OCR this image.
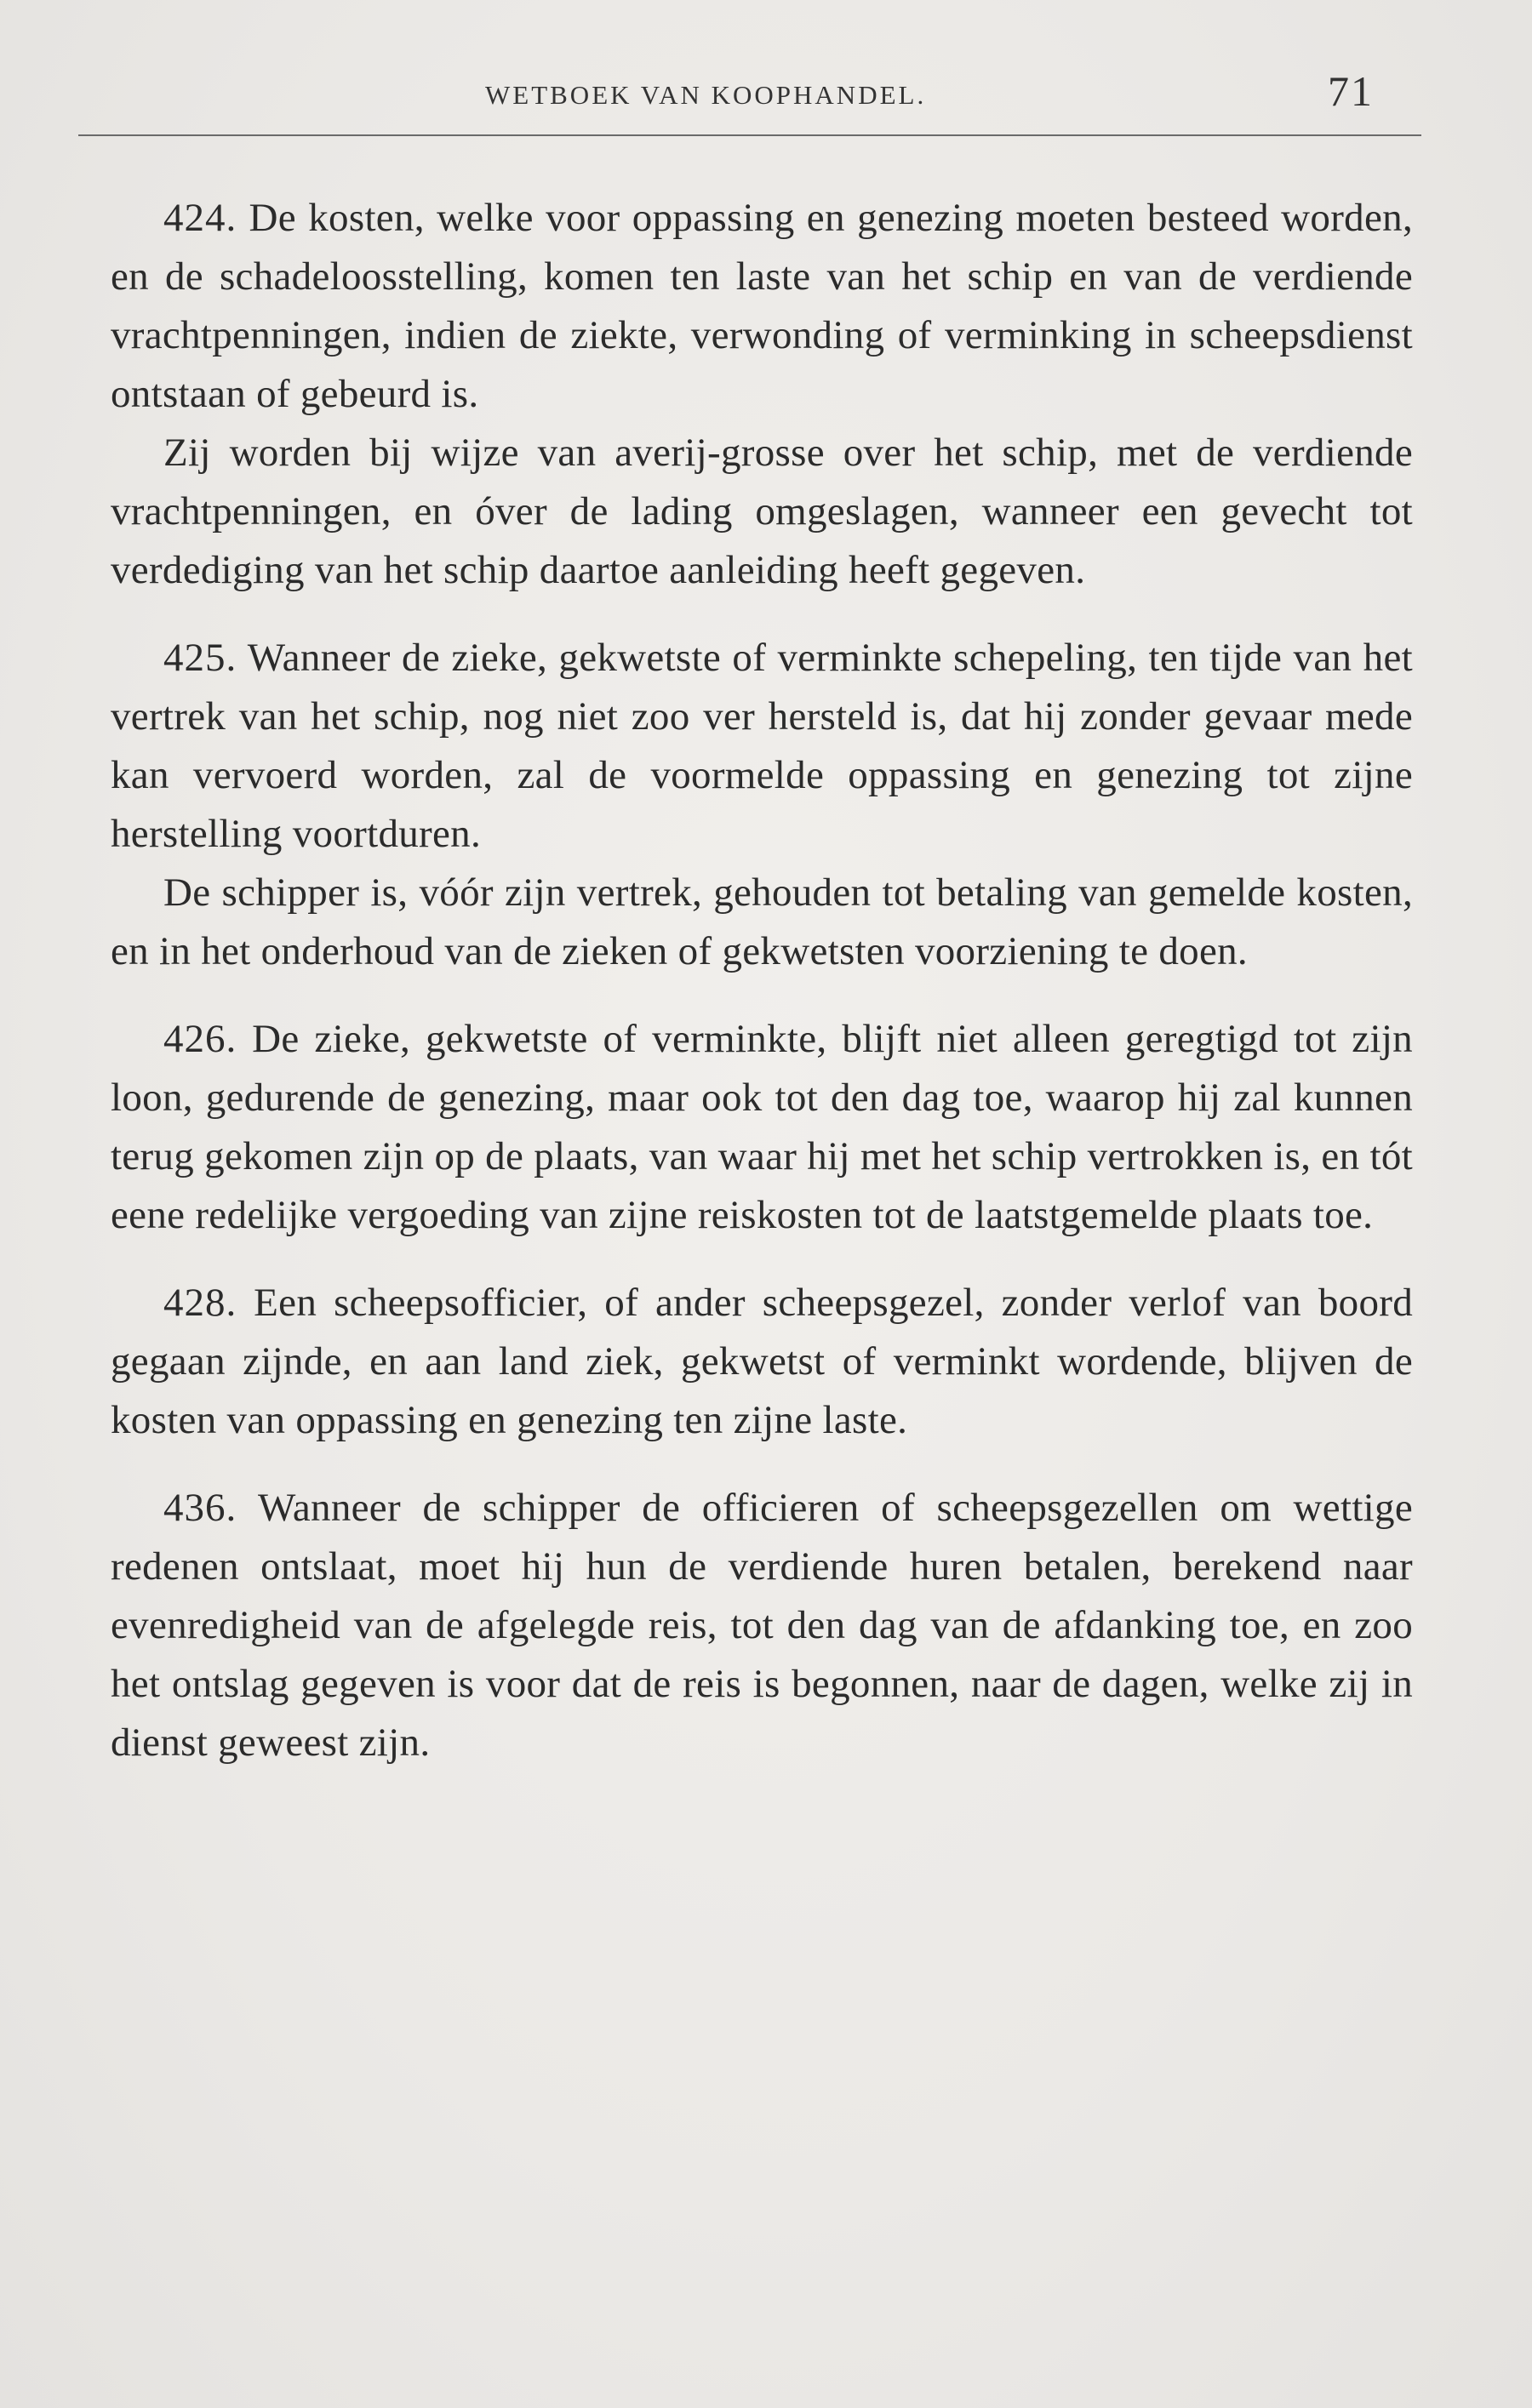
WETBOEK VAN KOOPHANDEL.	71

424. De kosten, welke voor oppassing en genezing moeten besteed worden, en de schadeloosstelling, komen ten laste van het schip en van de verdiende vrachtpenningen, indien de ziekte, verwonding of verminking in scheepsdienst ontstaan of gebeurd is.

Zij worden bij wijze van averij-grosse over het schip, met de verdiende vrachtpenningen, en óver de lading omgeslagen, wanneer een gevecht tot verdediging van het schip daartoe aanleiding heeft gegeven.

425. Wanneer de zieke, gekwetste of verminkte schepeling, ten tijde van het vertrek van het schip, nog niet zoo ver hersteld is, dat hij zonder gevaar mede kan vervoerd worden, zal de voormelde oppassing en genezing tot zijne herstelling voortduren.

De schipper is, vóór zijn vertrek, gehouden tot betaling van gemelde kosten, en in het onderhoud van de zieken of gekwetsten voorziening te doen.

426. De zieke, gekwetste of verminkte, blijft niet alleen geregtigd tot zijn loon, gedurende de genezing, maar ook tot den dag toe, waarop hij zal kunnen terug gekomen zijn op de plaats, van waar hij met het schip vertrokken is, en tót eene redelijke vergoeding van zijne reiskosten tot de laatstgemelde plaats toe.

428. Een scheepsofficier, of ander scheepsgezel, zonder verlof van boord gegaan zijnde, en aan land ziek, gekwetst of verminkt wordende, blijven de kosten van oppassing en genezing ten zijne laste.

436. Wanneer de schipper de officieren of scheepsgezellen om wettige redenen ontslaat, moet hij hun de verdiende huren betalen, berekend naar evenredigheid van de afgelegde reis, tot den dag van de afdanking toe, en zoo het ontslag gegeven is voor dat de reis is begonnen, naar de dagen, welke zij in dienst geweest zijn.
